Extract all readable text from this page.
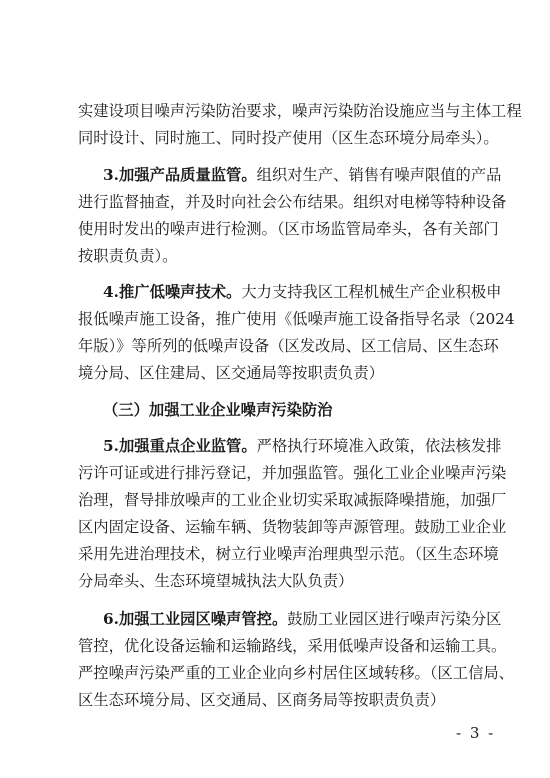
实建设项目噪声污染防治要求，噪声污染防治设施应当与主体工程
同时设计、同时施工、同时投产使用（区生态环境分局牵头）。
3.加强产品质量监管。组织对生产、销售有噪声限值的产品
进行监督抽查，并及时向社会公布结果。组织对电梯等特种设备
使用时发出的噪声进行检测。（区市场监管局牵头，各有关部门
按职责负责）。
4.推广低噪声技术。大力支持我区工程机械生产企业积极申
报低噪声施工设备，推广使用《低噪声施工设备指导名录（2024
年版）》等所列的低噪声设备（区发改局、区工信局、区生态环
境分局、区住建局、区交通局等按职责负责）
（三）加强工业企业噪声污染防治
5.加强重点企业监管。严格执行环境准入政策，依法核发排
污许可证或进行排污登记，并加强监管。强化工业企业噪声污染
治理，督导排放噪声的工业企业切实采取减振降噪措施，加强厂
区内固定设备、运输车辆、货物装卸等声源管理。鼓励工业企业
采用先进治理技术，树立行业噪声治理典型示范。（区生态环境
分局牵头、生态环境望城执法大队负责）
6.加强工业园区噪声管控。鼓励工业园区进行噪声污染分区
管控，优化设备运输和运输路线，采用低噪声设备和运输工具。
严控噪声污染严重的工业企业向乡村居住区域转移。（区工信局、
区生态环境分局、区交通局、区商务局等按职责负责）
- 3 -
